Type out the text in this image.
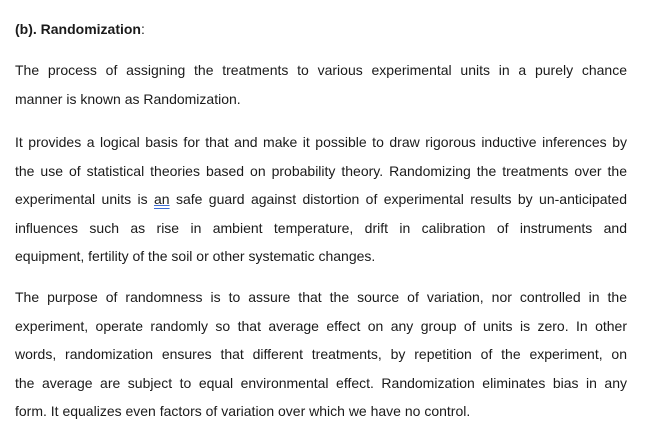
(b). Randomization:
The process of assigning the treatments to various experimental units in a purely chance
manner is known as Randomization.
It provides a logical basis for that and make it possible to draw rigorous inductive inferences by
the use of statistical theories based on probability theory. Randomizing the treatments over the
experimental units is an safe guard against distortion of experimental results by un-anticipated
influences such as rise in ambient temperature, drift in calibration of instruments and
equipment, fertility of the soil or other systematic changes.
The purpose of randomness is to assure that the source of variation, nor controlled in the
experiment, operate randomly so that average effect on any group of units is zero. In other
words, randomization ensures that different treatments, by repetition of the experiment, on
the average are subject to equal environmental effect. Randomization eliminates bias in any
form. It equalizes even factors of variation over which we have no control.
